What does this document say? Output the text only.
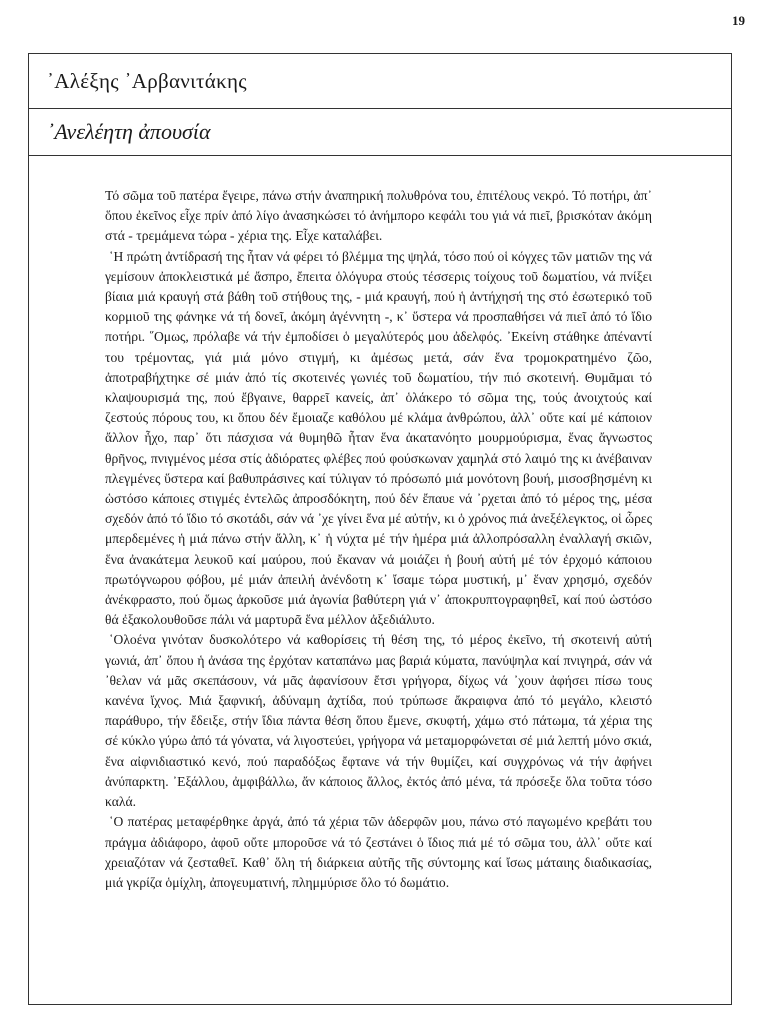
19
᾿Αλέξης ᾿Αρβανιτάκης
᾿Ανελέητη ἀπουσία

Τό σῶμα τοῦ πατέρα ἔγειρε, πάνω στήν ἀναπηρική πολυθρόνα του, ἐπιτέλους νεκρό. Τό ποτήρι, ἀπ᾿ ὅπου ἐκεῖνος εἶχε πρίν ἀπό λίγο ἀνασηκώσει τό ἀνήμπορο κεφάλι του γιά νά πιεῖ, βρισκόταν ἀκόμη στά - τρεμάμενα τώρα - χέρια της. Εἶχε καταλάβει.

῾Η πρώτη ἀντίδρασή της ἦταν νά φέρει τό βλέμμα της ψηλά, τόσο πού οἱ κόγχες τῶν ματιῶν της νά γεμίσουν ἀποκλειστικά μέ ἄσπρο, ἔπειτα ὁλόγυρα στούς τέσσερις τοίχους τοῦ δωματίου, νά πνίξει βίαια μιά κραυγή στά βάθη τοῦ στήθους της, - μιά κραυγή, πού ἡ ἀντήχησή της στό ἐσωτερικό τοῦ κορμιοῦ της φάνηκε νά τή δονεῖ, ἀκόμη ἀγέννητη -, κ᾿ ὕστερα νά προσπαθήσει νά πιεῖ ἀπό τό ἴδιο ποτήρι. ῞Ομως, πρόλαβε νά τήν ἐμποδίσει ὁ μεγαλύτερός μου ἀδελφός. ᾿Εκείνη στάθηκε ἀπέναντί του τρέμοντας, γιά μιά μόνο στιγμή, κι ἀμέσως μετά, σάν ἕνα τρομοκρατημένο ζῶο, ἀποτραβήχτηκε σέ μιάν ἀπό τίς σκοτεινές γωνιές τοῦ δωματίου, τήν πιό σκοτεινή. Θυμᾶμαι τό κλαψουρισμά της, πού ἔβγαινε, θαρρεῖ κανείς, ἀπ᾿ ὁλάκερο τό σῶμα της, τούς ἀνοιχτούς καί ζεστούς πόρους του, κι ὅπου δέν ἔμοιαζε καθόλου μέ κλάμα ἀνθρώπου, ἀλλ᾿ οὔτε καί μέ κάποιον ἄλλον ἦχο, παρ᾿ ὅτι πάσχισα νά θυμηθῶ ἦταν ἕνα ἀκατανόητο μουρμούρισμα, ἕνας ἄγνωστος θρῆνος, πνιγμένος μέσα στίς ἀδιόρατες φλέβες πού φούσκωναν χαμηλά στό λαιμό της κι ἀνέβαιναν πλεγμένες ὕστερα καί βαθυπράσινες καί τύλιγαν τό πρόσωπό μιά μονότονη βουή, μισοσβησμένη κι ὡστόσο κάποιες στιγμές ἐντελῶς ἀπροσδόκητη, πού δέν ἔπαυε νά ᾿ρχεται ἀπό τό μέρος της, μέσα σχεδόν ἀπό τό ἴδιο τό σκοτάδι, σάν νά ᾿χε γίνει ἕνα μέ αὐτήν, κι ὁ χρόνος πιά ἀνεξέλεγκτος, οἱ ὧρες μπερδεμένες ἡ μιά πάνω στήν ἄλλη, κ᾿ ἡ νύχτα μέ τήν ἡμέρα μιά ἀλλοπρόσαλλη ἐναλλαγή σκιῶν, ἕνα ἀνακάτεμα λευκοῦ καί μαύρου, πού ἔκαναν νά μοιάζει ἡ βουή αὐτή μέ τόν ἐρχομό κάποιου πρωτόγνωρου φόβου, μέ μιάν ἀπειλή ἀνένδοτη κ᾿ ἴσαμε τώρα μυστική, μ᾿ ἕναν χρησμό, σχεδόν ἀνέκφραστο, πού ὅμως ἀρκοῦσε μιά ἀγωνία βαθύτερη γιά ν᾿ ἀποκρυπτογραφηθεῖ, καί πού ὡστόσο θά ἐξακολουθοῦσε πάλι νά μαρτυρᾶ ἕνα μέλλον ἀξεδιάλυτο.

῾Ολοένα γινόταν δυσκολότερο νά καθορίσεις τή θέση της, τό μέρος ἐκεῖνο, τή σκοτεινή αὐτή γωνιά, ἀπ᾿ ὅπου ἡ ἀνάσα της ἐρχόταν καταπάνω μας βαριά κύματα, πανύψηλα καί πνιγηρά, σάν νά ᾿θελαν νά μᾶς σκεπάσουν, νά μᾶς ἀφανίσουν ἔτσι γρήγορα, δίχως νά ᾿χουν ἀφήσει πίσω τους κανένα ἴχνος. Μιά ξαφνική, ἀδύναμη ἀχτίδα, πού τρύπωσε ἄκραιφνα ἀπό τό μεγάλο, κλειστό παράθυρο, τήν ἔδειξε, στήν ἴδια πάντα θέση ὅπου ἔμενε, σκυφτή, χάμω στό πάτωμα, τά χέρια της σέ κύκλο γύρω ἀπό τά γόνατα, νά λιγοστεύει, γρήγορα νά μεταμορφώνεται σέ μιά λεπτή μόνο σκιά, ἕνα αἰφνιδιαστικό κενό, πού παραδόξως ἔφτανε νά τήν θυμίζει, καί συγχρόνως νά τήν ἀφήνει ἀνύπαρκτη. ᾿Εξάλλου, ἀμφιβάλλω, ἄν κάποιος ἄλλος, ἐκτός ἀπό μένα, τά πρόσεξε ὅλα τοῦτα τόσο καλά.

῾Ο πατέρας μεταφέρθηκε ἀργά, ἀπό τά χέρια τῶν ἀδερφῶν μου, πάνω στό παγωμένο κρεβάτι του πράγμα ἀδιάφορο, ἀφοῦ οὔτε μποροῦσε νά τό ζεστάνει ὁ ἴδιος πιά μέ τό σῶμα του, ἀλλ᾿ οὔτε καί χρειαζόταν νά ζεσταθεῖ. Καθ᾿ ὅλη τή διάρκεια αὐτῆς τῆς σύντομης καί ἴσως μάταιης διαδικασίας, μιά γκρίζα ὁμίχλη, ἀπογευματινή, πλημμύρισε ὅλο τό δωμάτιο.
